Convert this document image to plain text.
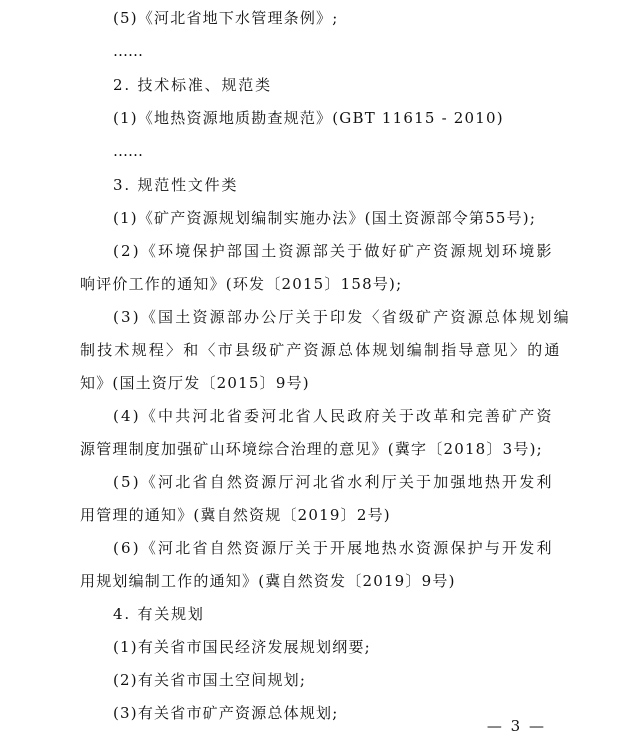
(5)《河北省地下水管理条例》;
……
2. 技术标准、规范类
(1)《地热资源地质勘查规范》(GBT 11615 - 2010)
……
3. 规范性文件类
(1)《矿产资源规划编制实施办法》(国土资源部令第55号);
(2)《环境保护部国土资源部关于做好矿产资源规划环境影
响评价工作的通知》(环发〔2015〕158号);
(3)《国土资源部办公厅关于印发〈省级矿产资源总体规划编
制技术规程〉和〈市县级矿产资源总体规划编制指导意见〉的通
知》(国土资厅发〔2015〕9号)
(4)《中共河北省委河北省人民政府关于改革和完善矿产资
源管理制度加强矿山环境综合治理的意见》(冀字〔2018〕3号);
(5)《河北省自然资源厅河北省水利厅关于加强地热开发利
用管理的通知》(冀自然资规〔2019〕2号)
(6)《河北省自然资源厅关于开展地热水资源保护与开发利
用规划编制工作的通知》(冀自然资发〔2019〕9号)
4. 有关规划
(1)有关省市国民经济发展规划纲要;
(2)有关省市国土空间规划;
(3)有关省市矿产资源总体规划;
— 3 —
